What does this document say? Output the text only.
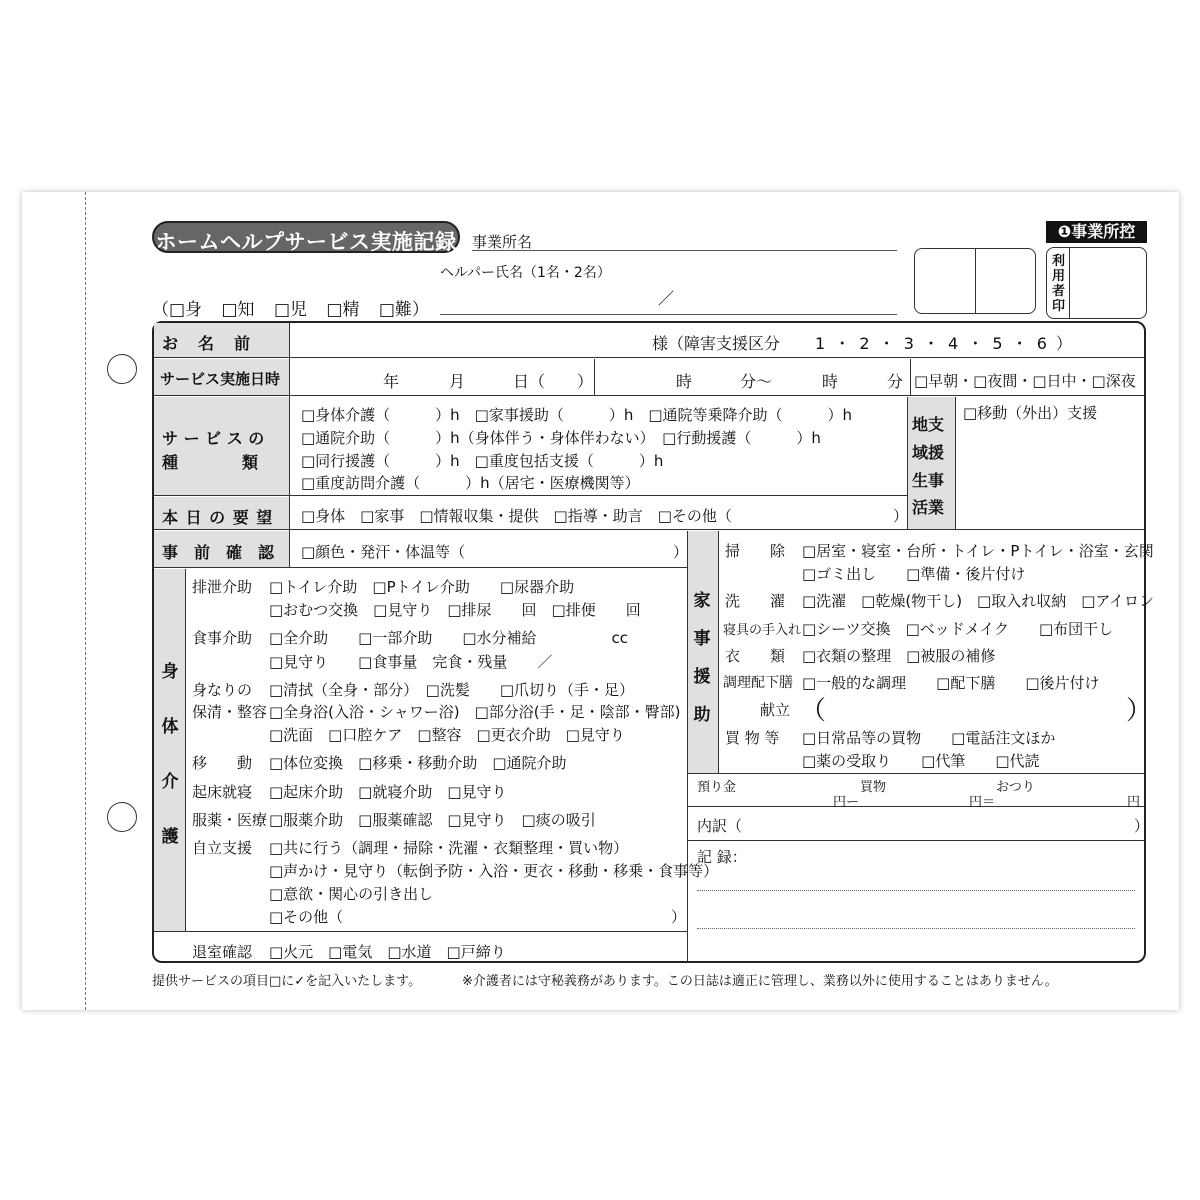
ホームヘルプサービス実施記録 事業所名
❶事業所控
ヘルパー氏名（1名・2名）
／
（□身 □知 □児 □精 □難）
利用者印
お　名　前	様（障害支援区分 1 ・ 2 ・ 3 ・ 4 ・ 5 ・ 6 ）
サービス実施日時	年	月	日（ ）	時	分〜	時	分 □早朝・□夜間・□日中・□深夜
サ ー ビ ス の
種　　　　類
□身体介護（　　　）h　□家事援助（　　　）h　□通院等乗降介助（　　　）h
□通院介助（　　　）h（身体伴う・身体伴わない）　□行動援護（　　　）h
□同行援護（　　　）h　□重度包括支援（　　　）h
□重度訪問介護（　　　）h（居宅・医療機関等）
地支
域援
生事
活業
□移動（外出）支援
本 日 の 要 望 □身体　□家事　□情報収集・提供　□指導・助言　□その他（	）
事　前　確　認 □顔色・発汗・体温等（	）
身
体
介
護
排泄介助 □トイレ介助　□Pトイレ介助　　□尿器介助
□おむつ交換　□見守り　□排尿　　回　□排便　　回
食事介助 □全介助　　□一部介助　　□水分補給　　　　　cc
□見守り　　□食事量　完食・残量　　／
身なりの
保清・整容
□清拭（全身・部分）　□洗髪　　□爪切り（手・足）
□全身浴(入浴・シャワー浴)　□部分浴(手・足・陰部・臀部)
□洗面　□口腔ケア　□整容　□更衣介助　□見守り
移　　動 □体位変換　□移乗・移動介助　□通院介助
起床就寝 □起床介助　□就寝介助　□見守り
服薬・医療 □服薬介助　□服薬確認　□見守り　□痰の吸引
自立支援 □共に行う（調理・掃除・洗濯・衣類整理・買い物）
□声かけ・見守り（転倒予防・入浴・更衣・移動・移乗・食事等）
□意欲・関心の引き出し
□その他（	）
退室確認 □火元　□電気　□水道　□戸締り
家
事
援
助
掃　　除 □居室・寝室・台所・トイレ・Pトイレ・浴室・玄関
□ゴミ出し　　□準備・後片付け
洗　　濯 □洗濯　□乾燥(物干し)　□取入れ収納　□アイロン
寝具の手入れ □シーツ交換　□ベッドメイク　　□布団干し
衣　　類 □衣類の整理　□被服の補修
調理配下膳 □一般的な調理　　□配下膳　　□後片付け
献立 （	）
買 物 等 □日常品等の買物　　□電話注文ほか
□薬の受取り　　□代筆　　□代読
預り金	買物	おつり
円ー	円＝	円
内訳（	）
記 録：
提供サービスの項目□に✓を記入いたします。	※介護者には守秘義務があります。この日誌は適正に管理し、業務以外に使用することはありません。
